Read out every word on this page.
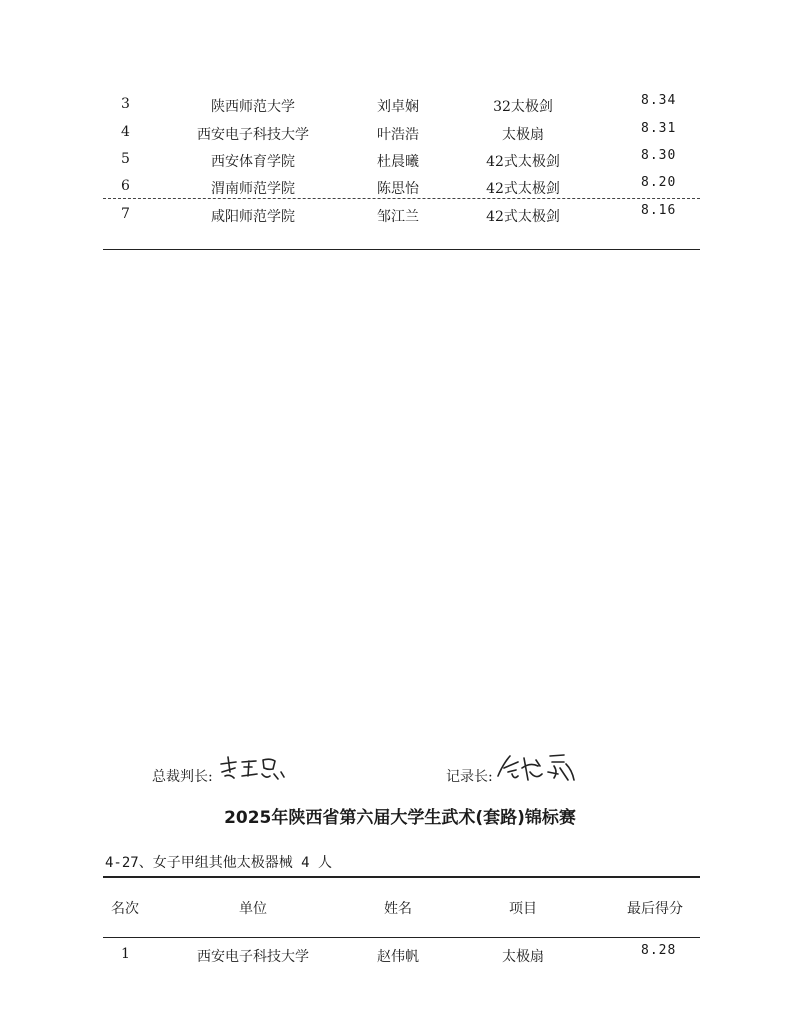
3	陕西师范大学	刘卓娴	32太极剑	8.34
4	西安电子科技大学	叶浩浩	太极扇	8.31
5	西安体育学院	杜晨曦	42式太极剑	8.30
6	渭南师范学院	陈思怡	42式太极剑	8.20
7	咸阳师范学院	邹江兰	42式太极剑	8.16
总裁判长:	记录长:
2025年陕西省第六届大学生武术(套路)锦标赛
4-27、女子甲组其他太极器械 4 人
名次	单位	姓名	项目	最后得分
1	西安电子科技大学	赵伟帆	太极扇	8.28
